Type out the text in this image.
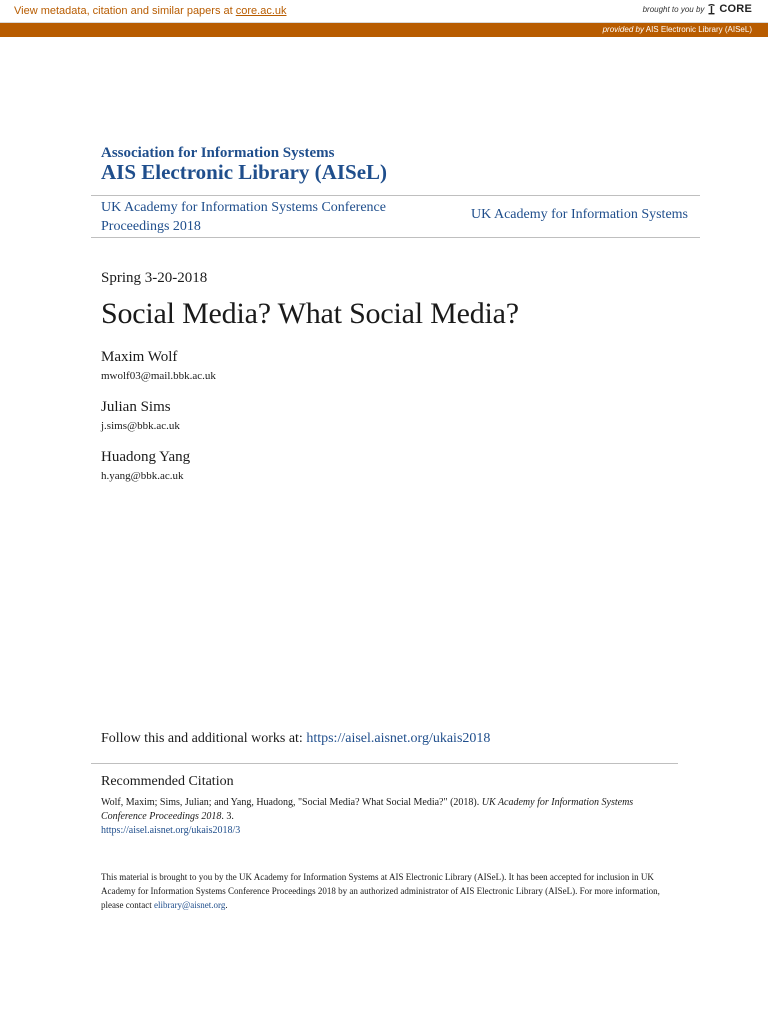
View metadata, citation and similar papers at core.ac.uk	brought to you by CORE
provided by AIS Electronic Library (AISeL)
Association for Information Systems
AIS Electronic Library (AISeL)
UK Academy for Information Systems Conference Proceedings 2018
UK Academy for Information Systems
Spring 3-20-2018
Social Media? What Social Media?
Maxim Wolf
mwolf03@mail.bbk.ac.uk
Julian Sims
j.sims@bbk.ac.uk
Huadong Yang
h.yang@bbk.ac.uk
Follow this and additional works at: https://aisel.aisnet.org/ukais2018
Recommended Citation
Wolf, Maxim; Sims, Julian; and Yang, Huadong, "Social Media? What Social Media?" (2018). UK Academy for Information Systems Conference Proceedings 2018. 3.
https://aisel.aisnet.org/ukais2018/3
This material is brought to you by the UK Academy for Information Systems at AIS Electronic Library (AISeL). It has been accepted for inclusion in UK Academy for Information Systems Conference Proceedings 2018 by an authorized administrator of AIS Electronic Library (AISeL). For more information, please contact elibrary@aisnet.org.
